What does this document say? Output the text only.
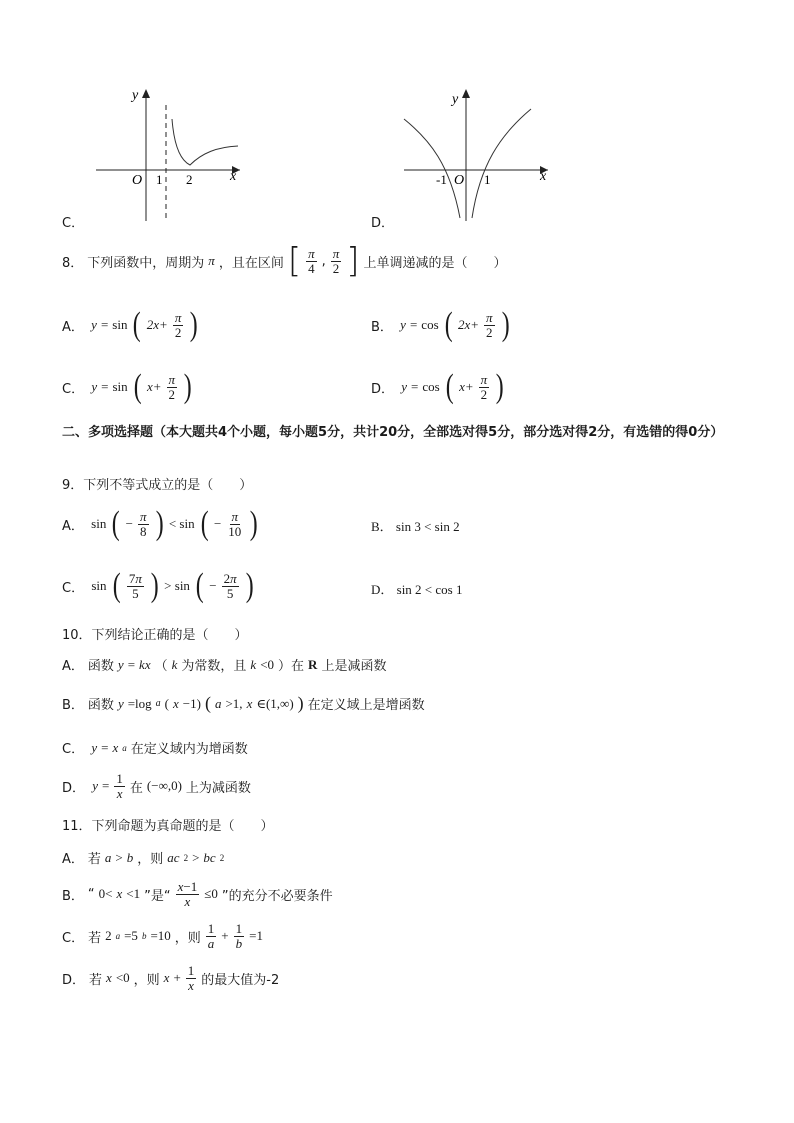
y
x
O 1 2
C．
y
x
O
-1	1
D．
8． 下列函数中，周期为 π ，且在区间 [ $\frac{\pi}{4}$ , $\frac{\pi}{2}$ ] 上单调递减的是（　　）
A． y = sin ( $2x+ \frac{\pi}{2}$ )	B． y = cos ( $2x+ \frac{\pi}{2}$ )
C． y = sin ( $x+ \frac{\pi}{2}$ )	D． y = cos ( $x+ \frac{\pi}{2}$ )
二、多项选择题（本大题共4个小题，每小题5分，共计20分，全部选对得5分，部分选对得2分，有选错的得0分）
9．下列不等式成立的是（　　）
A． sin ( − $\frac{\pi}{8}$ ) < sin ( − $\frac{\pi}{10}$ )	B． sin 3 < sin 2
C． sin ( $\frac{7\pi}{5}$ ) > sin ( − $\frac{2\pi}{5}$ )	D． sin 2 < cos 1
10．下列结论正确的是（　　）
A． 函数 y = kx （ k 为常数，且 k <0 ）在 R 上是减函数
B． 函数 y =log a ( x −1) ( a >1, x ∈(1,∞) ) 在定义域上是增函数
C． y = x a 在定义域内为增函数
D． $y = \frac{1}{x}$ 在 (−∞,0) 上为减函数
11．下列命题为真命题的是（　　）
A． 若 a > b ，则 ac 2 > bc 2
B． “ 0< x <1 ”是“ $\frac{x-1}{x} \le 0$ ”的充分不必要条件
C． 若 2 a =5 b =10 ，则 $\frac{1}{a} + \frac{1}{b} =1$
D． 若 x <0 ，则 $x + \frac{1}{x}$ 的最大值为-2
